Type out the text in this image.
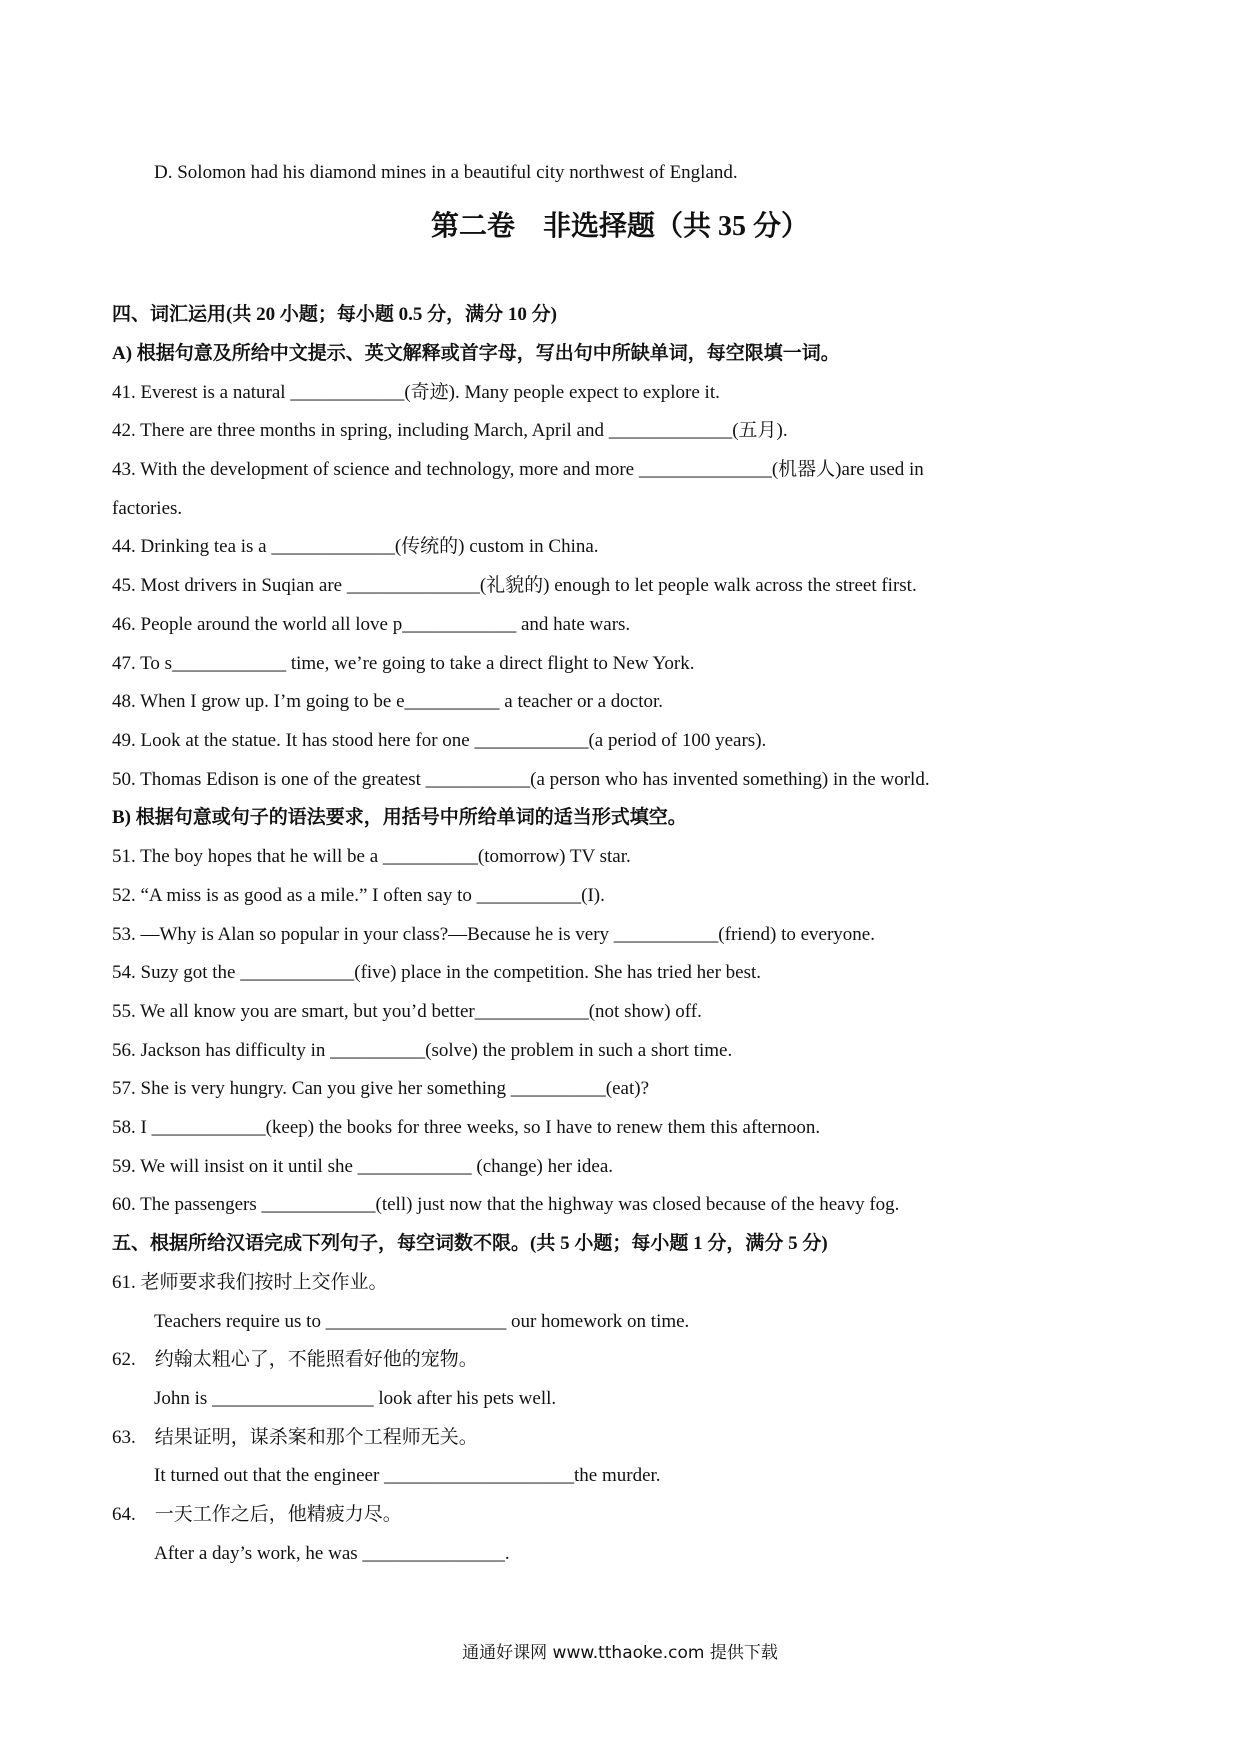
D. Solomon had his diamond mines in a beautiful city northwest of England.
第二卷　非选择题（共 35 分）
四、词汇运用(共 20 小题；每小题 0.5 分，满分 10 分)
A) 根据句意及所给中文提示、英文解释或首字母，写出句中所缺单词，每空限填一词。
41. Everest is a natural ____________(奇迹). Many people expect to explore it.
42. There are three months in spring, including March, April and _____________(五月).
43. With the development of science and technology, more and more ______________(机器人)are used in
factories.
44. Drinking tea is a _____________(传统的) custom in China.
45. Most drivers in Suqian are ______________(礼貌的) enough to let people walk across the street first.
46. People around the world all love p____________ and hate wars.
47. To s____________ time, we’re going to take a direct flight to New York.
48. When I grow up. I’m going to be e__________ a teacher or a doctor.
49. Look at the statue. It has stood here for one ____________(a period of 100 years).
50. Thomas Edison is one of the greatest ___________(a person who has invented something) in the world.
B) 根据句意或句子的语法要求，用括号中所给单词的适当形式填空。
51. The boy hopes that he will be a __________(tomorrow) TV star.
52. “A miss is as good as a mile.” I often say to ___________(I).
53. —Why is Alan so popular in your class?—Because he is very ___________(friend) to everyone.
54. Suzy got the ____________(five) place in the competition. She has tried her best.
55. We all know you are smart, but you’d better____________(not show) off.
56. Jackson has difficulty in __________(solve) the problem in such a short time.
57. She is very hungry. Can you give her something __________(eat)?
58. I ____________(keep) the books for three weeks, so I have to renew them this afternoon.
59. We will insist on it until she ____________ (change) her idea.
60. The passengers ____________(tell) just now that the highway was closed because of the heavy fog.
五、根据所给汉语完成下列句子，每空词数不限。(共 5 小题；每小题 1 分，满分 5 分)
61. 老师要求我们按时上交作业。
Teachers require us to ___________________ our homework on time.
62.　约翰太粗心了，不能照看好他的宠物。
John is _________________ look after his pets well.
63.　结果证明，谋杀案和那个工程师无关。
It turned out that the engineer ____________________the murder.
64.　一天工作之后，他精疲力尽。
After a day’s work, he was _______________.
通通好课网 www.tthaoke.com 提供下载
